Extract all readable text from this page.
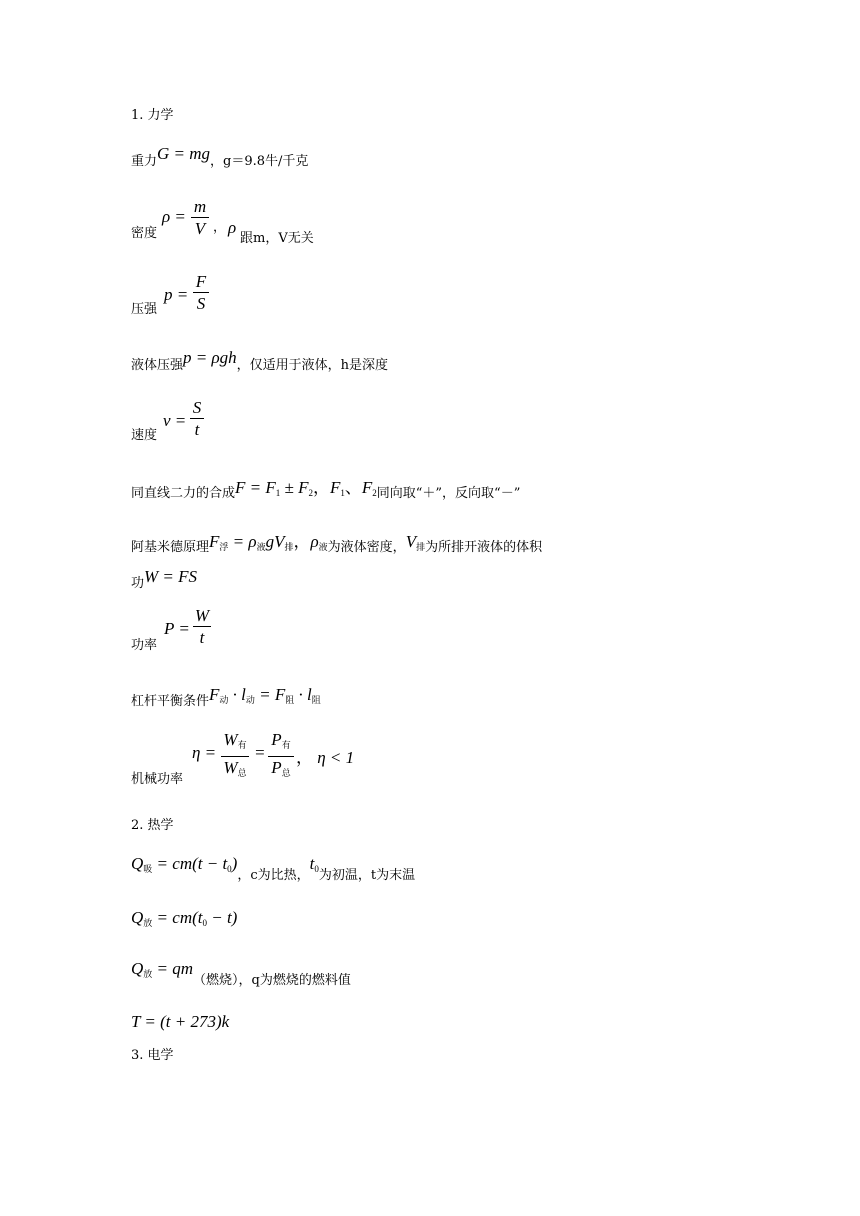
1. 力学
重力G = mg，g＝9.8牛/千克
密度
ρ =
m
V ， ρ
跟m，V无关
压强
p =
F
S
液体压强p = ρgh，仅适用于液体，h是深度
速度
v =
S
t
同直线二力的合成$F = F_1 \pm F_2$，$F_1$、$F_2$同向取“＋”，反向取“－”
阿基米德原理$F_浮 = \rho_液gV_排$，$\rho_液$为液体密度，$V_排$为所排开液体的体积
功W = FS
功率
P =
W
t
杠杆平衡条件$F_动 \cdot l_动 = F_阻 \cdot l_阻$
机械功率
η =
$W_有$
$W_总$
=
$P_有$
$P_总$
， η < 1
2. 热学
$Q_吸 = cm(t - t_0)$，c为比热，$t_0$为初温，t为末温
$Q_放 = cm(t_0 - t)$
$Q_放 = qm$（燃烧），q为燃烧的燃料值
T = (t + 273)k
3. 电学
